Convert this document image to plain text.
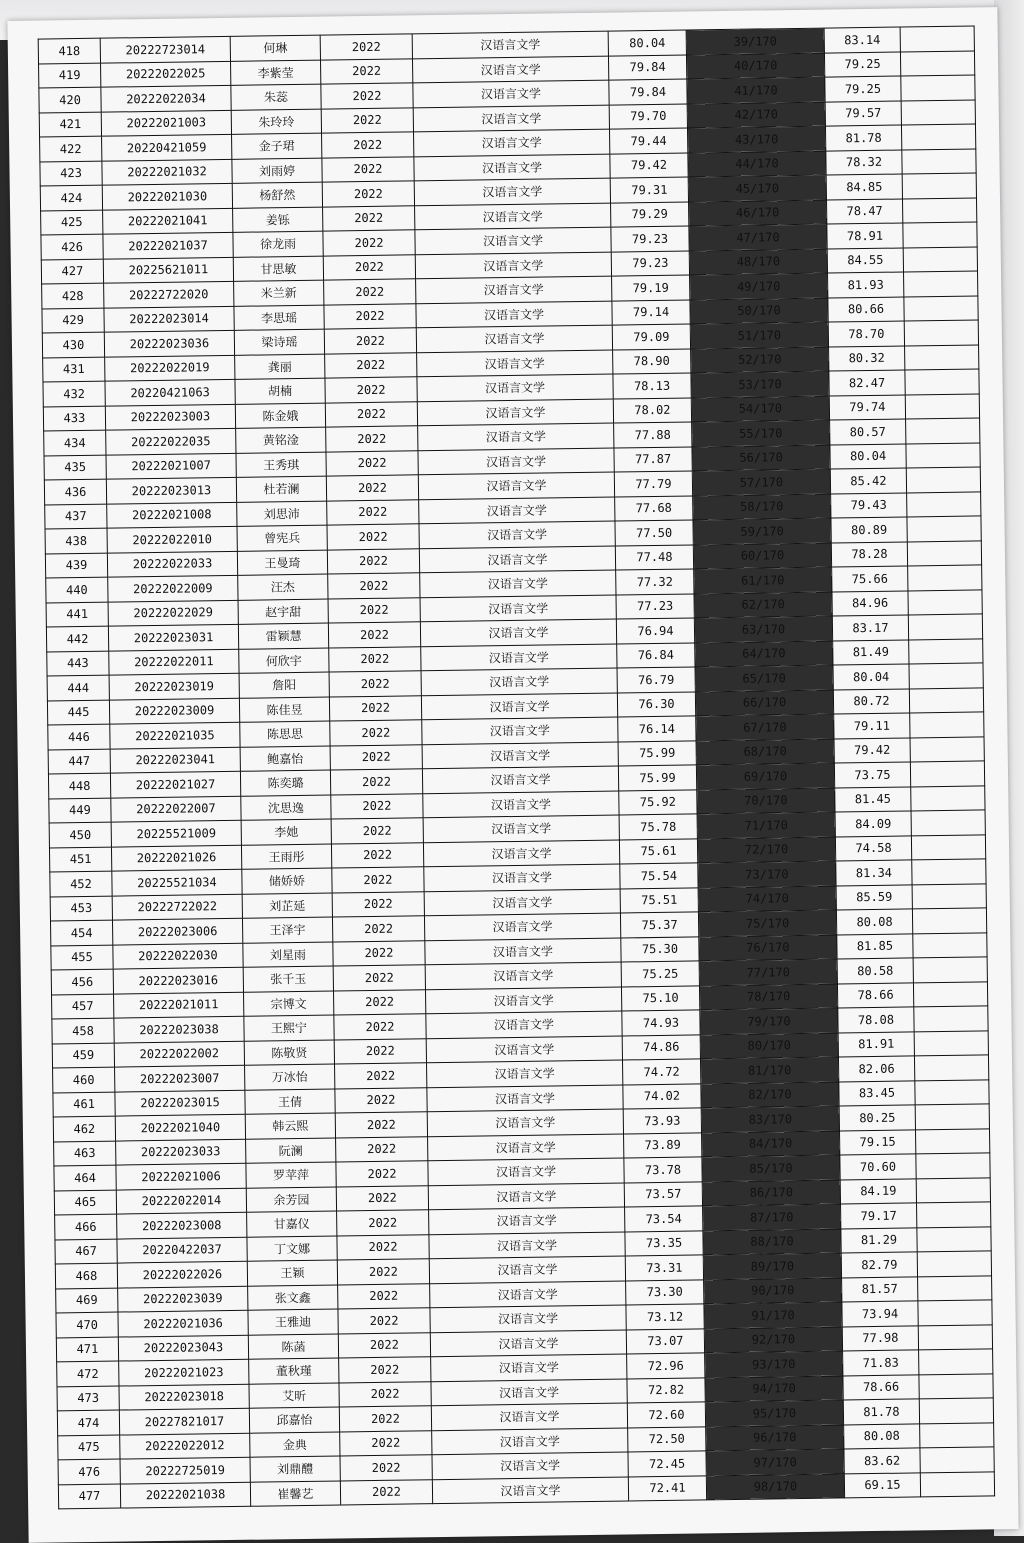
418	20222723014	何琳	2022	汉语言文学	80.04	39/170	83.14	
419	20222022025	李紫莹	2022	汉语言文学	79.84	40/170	79.25	
420	20222022034	朱蕊	2022	汉语言文学	79.84	41/170	79.25	
421	20222021003	朱玲玲	2022	汉语言文学	79.70	42/170	79.57	
422	20220421059	金子珺	2022	汉语言文学	79.44	43/170	81.78	
423	20222021032	刘雨婷	2022	汉语言文学	79.42	44/170	78.32	
424	20222021030	杨舒然	2022	汉语言文学	79.31	45/170	84.85	
425	20222021041	姜铄	2022	汉语言文学	79.29	46/170	78.47	
426	20222021037	徐龙雨	2022	汉语言文学	79.23	47/170	78.91	
427	20225621011	甘思敏	2022	汉语言文学	79.23	48/170	84.55	
428	20222722020	米兰新	2022	汉语言文学	79.19	49/170	81.93	
429	20222023014	李思瑶	2022	汉语言文学	79.14	50/170	80.66	
430	20222023036	梁诗瑶	2022	汉语言文学	79.09	51/170	78.70	
431	20222022019	龚丽	2022	汉语言文学	78.90	52/170	80.32	
432	20220421063	胡楠	2022	汉语言文学	78.13	53/170	82.47	
433	20222023003	陈金娥	2022	汉语言文学	78.02	54/170	79.74	
434	20222022035	黄铭淦	2022	汉语言文学	77.88	55/170	80.57	
435	20222021007	王秀琪	2022	汉语言文学	77.87	56/170	80.04	
436	20222023013	杜若澜	2022	汉语言文学	77.79	57/170	85.42	
437	20222021008	刘思沛	2022	汉语言文学	77.68	58/170	79.43	
438	20222022010	曾宪兵	2022	汉语言文学	77.50	59/170	80.89	
439	20222022033	王曼琦	2022	汉语言文学	77.48	60/170	78.28	
440	20222022009	汪杰	2022	汉语言文学	77.32	61/170	75.66	
441	20222022029	赵宇甜	2022	汉语言文学	77.23	62/170	84.96	
442	20222023031	雷颖慧	2022	汉语言文学	76.94	63/170	83.17	
443	20222022011	何欣宇	2022	汉语言文学	76.84	64/170	81.49	
444	20222023019	詹阳	2022	汉语言文学	76.79	65/170	80.04	
445	20222023009	陈佳昱	2022	汉语言文学	76.30	66/170	80.72	
446	20222021035	陈思思	2022	汉语言文学	76.14	67/170	79.11	
447	20222023041	鲍嘉怡	2022	汉语言文学	75.99	68/170	79.42	
448	20222021027	陈奕璐	2022	汉语言文学	75.99	69/170	73.75	
449	20222022007	沈思逸	2022	汉语言文学	75.92	70/170	81.45	
450	20225521009	李她	2022	汉语言文学	75.78	71/170	84.09	
451	20222021026	王雨彤	2022	汉语言文学	75.61	72/170	74.58	
452	20225521034	储娇娇	2022	汉语言文学	75.54	73/170	81.34	
453	20222722022	刘芷延	2022	汉语言文学	75.51	74/170	85.59	
454	20222023006	王泽宇	2022	汉语言文学	75.37	75/170	80.08	
455	20222022030	刘星雨	2022	汉语言文学	75.30	76/170	81.85	
456	20222023016	张千玉	2022	汉语言文学	75.25	77/170	80.58	
457	20222021011	宗博文	2022	汉语言文学	75.10	78/170	78.66	
458	20222023038	王熙宁	2022	汉语言文学	74.93	79/170	78.08	
459	20222022002	陈敬贤	2022	汉语言文学	74.86	80/170	81.91	
460	20222023007	万冰怡	2022	汉语言文学	74.72	81/170	82.06	
461	20222023015	王倩	2022	汉语言文学	74.02	82/170	83.45	
462	20222021040	韩云熙	2022	汉语言文学	73.93	83/170	80.25	
463	20222023033	阮澜	2022	汉语言文学	73.89	84/170	79.15	
464	20222021006	罗苹萍	2022	汉语言文学	73.78	85/170	70.60	
465	20222022014	余芳园	2022	汉语言文学	73.57	86/170	84.19	
466	20222023008	甘嘉仪	2022	汉语言文学	73.54	87/170	79.17	
467	20220422037	丁文娜	2022	汉语言文学	73.35	88/170	81.29	
468	20222022026	王颖	2022	汉语言文学	73.31	89/170	82.79	
469	20222023039	张文鑫	2022	汉语言文学	73.30	90/170	81.57	
470	20222021036	王雅迪	2022	汉语言文学	73.12	91/170	73.94	
471	20222023043	陈菡	2022	汉语言文学	73.07	92/170	77.98	
472	20222021023	董秋瑾	2022	汉语言文学	72.96	93/170	71.83	
473	20222023018	艾昕	2022	汉语言文学	72.82	94/170	78.66	
474	20227821017	邱嘉怡	2022	汉语言文学	72.60	95/170	81.78	
475	20222022012	金典	2022	汉语言文学	72.50	96/170	80.08	
476	20222725019	刘鼎醴	2022	汉语言文学	72.45	97/170	83.62	
477	20222021038	崔馨艺	2022	汉语言文学	72.41	98/170	69.15	
